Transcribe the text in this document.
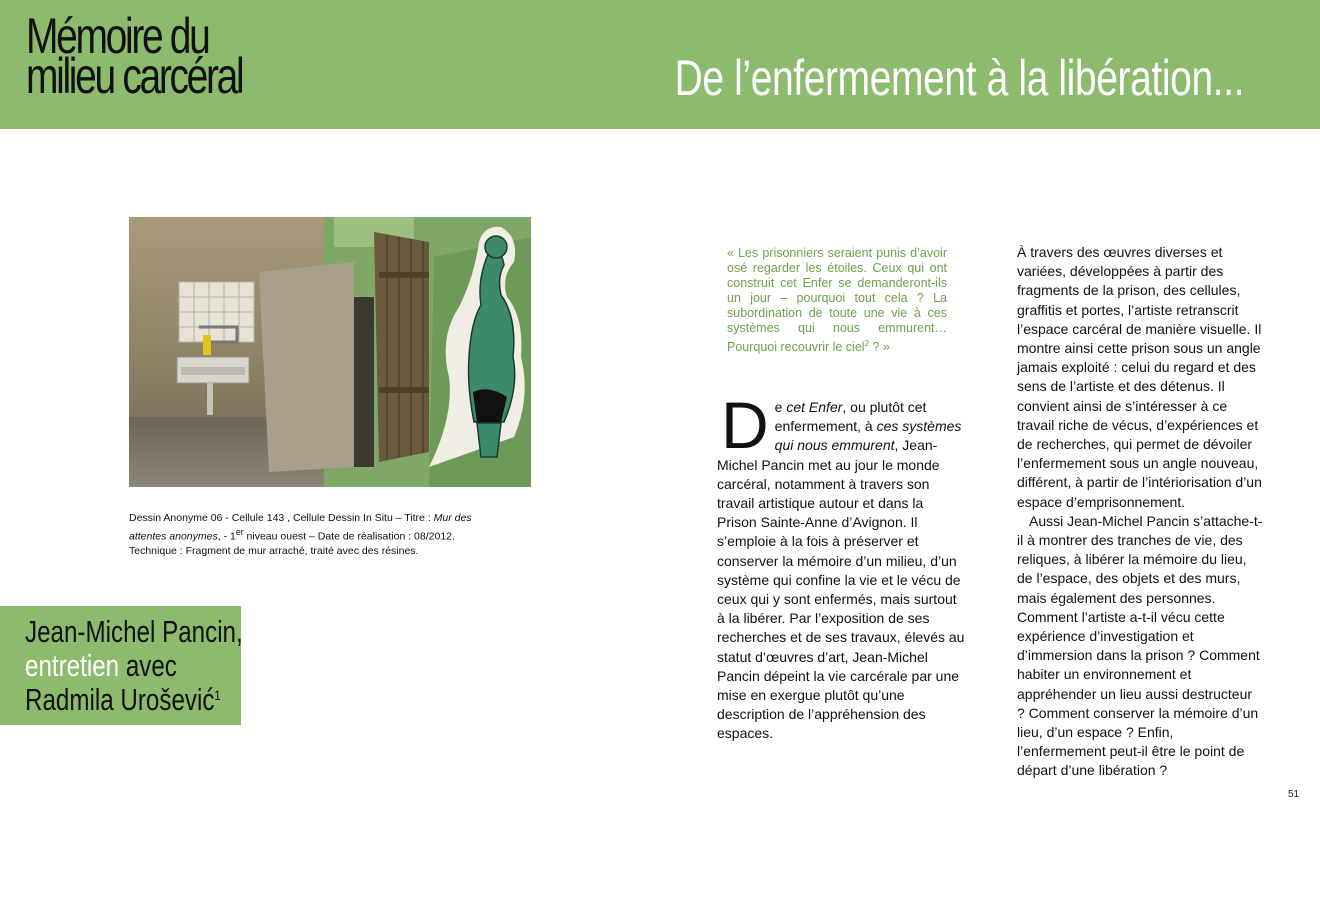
Mémoire du
milieu carcéral	De l’enfermement à la libération...
Dessin Anonyme 06 - Cellule 143 , Cellule Dessin In Situ – Titre : Mur des attentes anonymes, - 1er niveau ouest – Date de réalisation : 08/2012.
Technique : Fragment de mur arraché, traité avec des résines.
Jean-Michel Pancin,
entretien avec
Radmila Urošević$^1$
« Les prisonniers seraient punis d’avoir osé regarder les étoiles. Ceux qui ont construit cet Enfer se demanderont-ils un jour – pourquoi tout cela ? La subordination de toute une vie à ces systèmes qui nous emmurent… Pourquoi recouvrir le ciel$^2$ ? »
De cet Enfer, ou plutôt cet enfermement, à ces systèmes qui nous emmurent, Jean-Michel Pancin met au jour le monde carcéral, notamment à travers son travail artistique autour et dans la Prison Sainte-Anne d’Avignon. Il s’emploie à la fois à préserver et conserver la mémoire d’un milieu, d’un système qui confine la vie et le vécu de ceux qui y sont enfermés, mais surtout à la libérer. Par l’exposition de ses recherches et de ses travaux, élevés au statut d’œuvres d’art, Jean-Michel Pancin dépeint la vie carcérale par une mise en exergue plutôt qu’une description de l’appréhension des espaces.

À travers des œuvres diverses et variées, développées à partir des fragments de la prison, des cellules, graffitis et portes, l’artiste retranscrit l’espace carcéral de manière visuelle. Il montre ainsi cette prison sous un angle jamais exploité : celui du regard et des sens de l’artiste et des détenus. Il convient ainsi de s’intéresser à ce travail riche de vécus, d’expériences et de recherches, qui permet de dévoiler l’enfermement sous un angle nouveau, différent, à partir de l’intériorisation d’un espace d’emprisonnement.

Aussi Jean-Michel Pancin s’attache-t-il à montrer des tranches de vie, des reliques, à libérer la mémoire du lieu, de l’espace, des objets et des murs, mais également des personnes. Comment l’artiste a-t-il vécu cette expérience d’investigation et d’immersion dans la prison ? Comment habiter un environnement et appréhender un lieu aussi destructeur ? Comment conserver la mémoire d’un lieu, d’un espace ? Enfin, l’enfermement peut-il être le point de départ d’une libération ?

51
